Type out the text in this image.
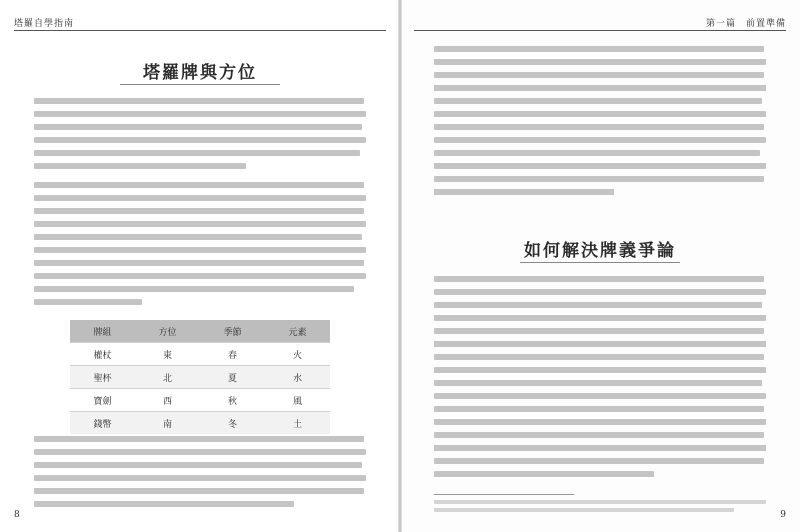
塔羅自學指南
塔羅牌與方位
牌組	方位	季節	元素
權杖	東	春	火
聖杯	北	夏	水
寶劍	西	秋	風
錢幣	南	冬	土
8
第一篇　前置準備
如何解決牌義爭論
9
